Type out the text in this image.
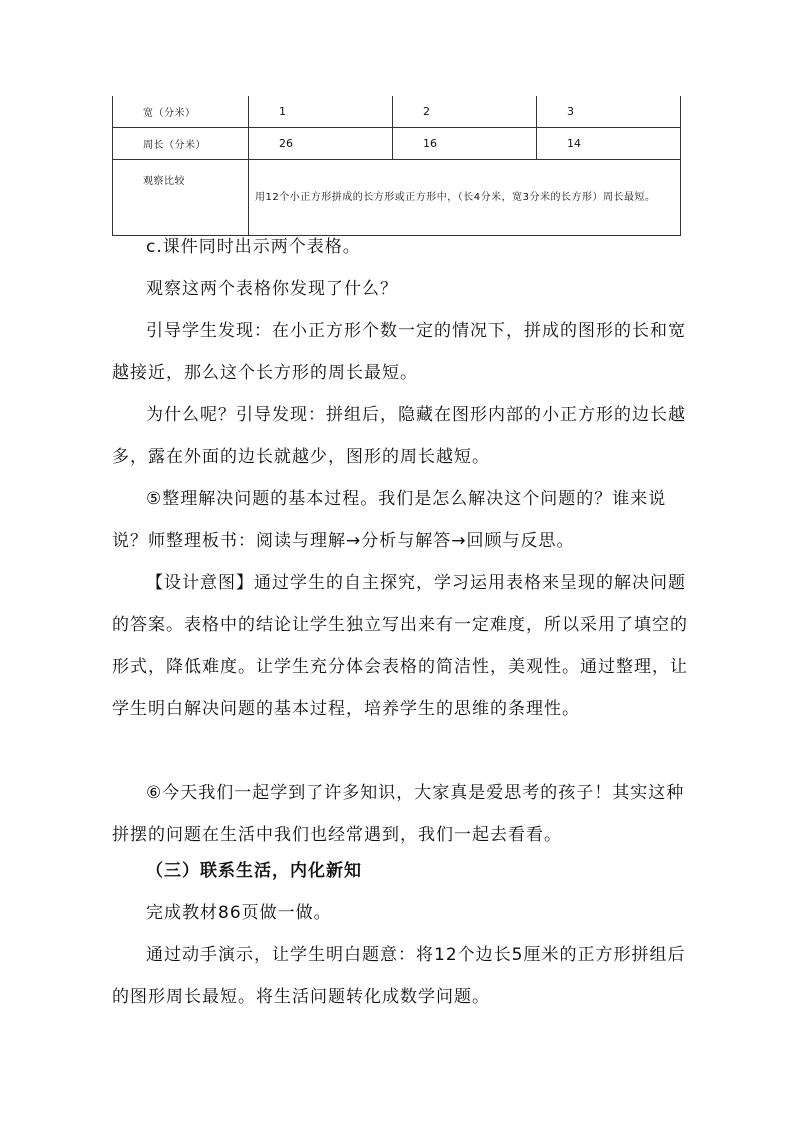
宽（分米）	1	2	3
周长（分米）	26	16	14
观察比较	用12个小正方形拼成的长方形或正方形中，（长4分米，宽3分米的长方形）周长最短。		

c.课件同时出示两个表格。

观察这两个表格你发现了什么？

引导学生发现：在小正方形个数一定的情况下，拼成的图形的长和宽越接近，那么这个长方形的周长最短。

为什么呢？引导发现：拼组后，隐藏在图形内部的小正方形的边长越多，露在外面的边长就越少，图形的周长越短。

⑤整理解决问题的基本过程。我们是怎么解决这个问题的？谁来说说？师整理板书：阅读与理解→分析与解答→回顾与反思。

【设计意图】通过学生的自主探究，学习运用表格来呈现的解决问题的答案。表格中的结论让学生独立写出来有一定难度，所以采用了填空的形式，降低难度。让学生充分体会表格的简洁性，美观性。通过整理，让学生明白解决问题的基本过程，培养学生的思维的条理性。

⑥今天我们一起学到了许多知识，大家真是爱思考的孩子！其实这种拼摆的问题在生活中我们也经常遇到，我们一起去看看。

（三）联系生活，内化新知

完成教材86页做一做。

通过动手演示，让学生明白题意：将12个边长5厘米的正方形拼组后的图形周长最短。将生活问题转化成数学问题。
